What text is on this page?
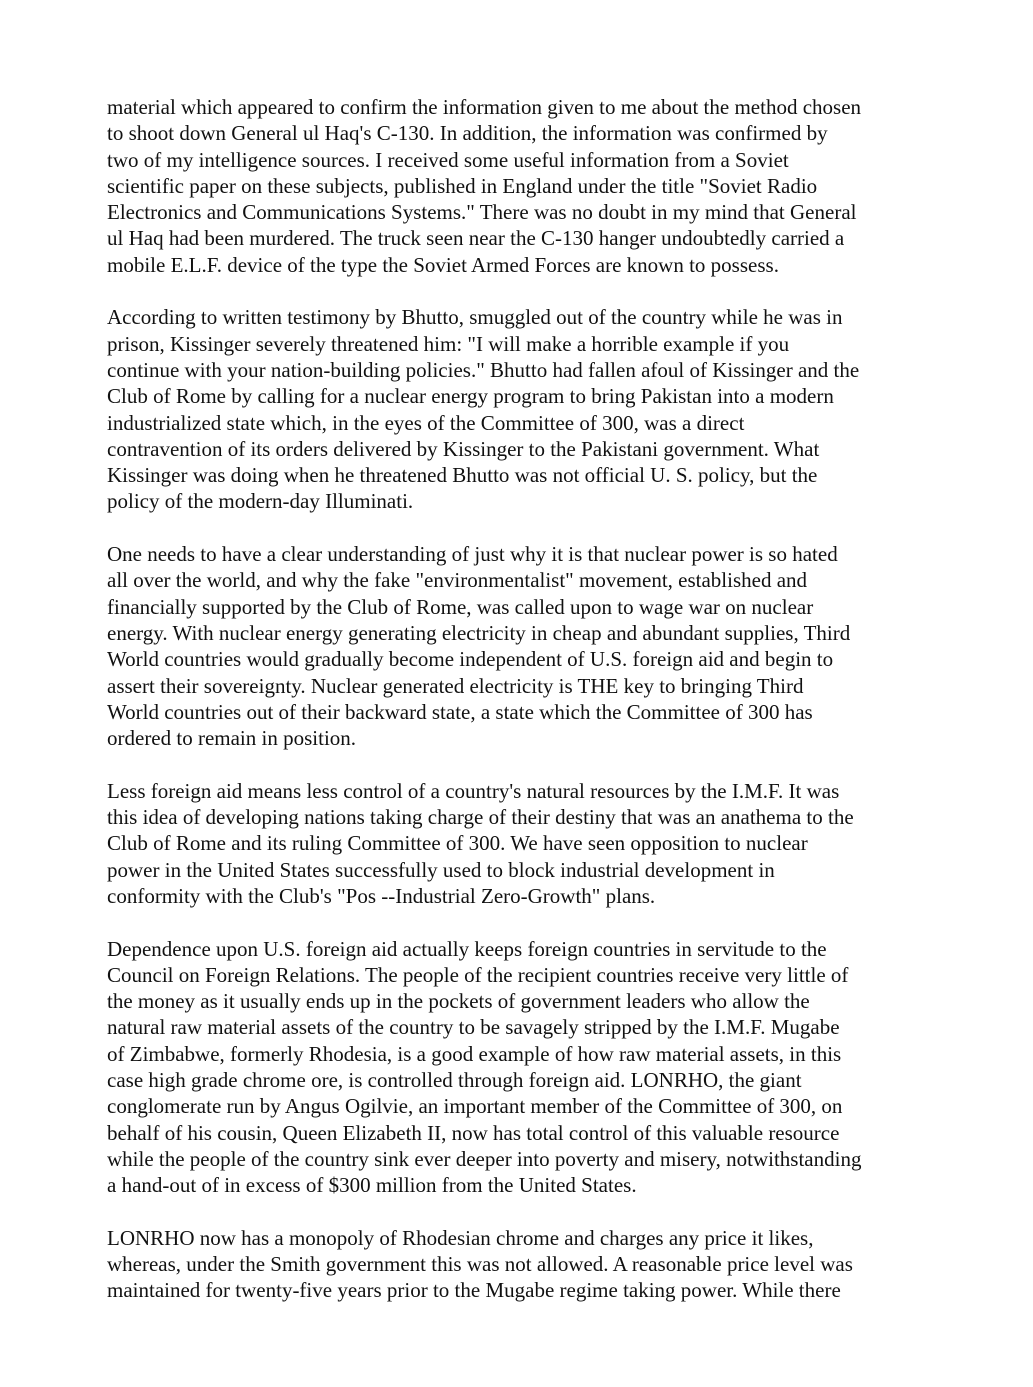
material which appeared to confirm the information given to me about the method chosen
to shoot down General ul Haq's C-130. In addition, the information was confirmed by
two of my intelligence sources. I received some useful information from a Soviet
scientific paper on these subjects, published in England under the title "Soviet Radio
Electronics and Communications Systems." There was no doubt in my mind that General
ul Haq had been murdered. The truck seen near the C-130 hanger undoubtedly carried a
mobile E.L.F. device of the type the Soviet Armed Forces are known to possess.
According to written testimony by Bhutto, smuggled out of the country while he was in
prison, Kissinger severely threatened him: "I will make a horrible example if you
continue with your nation-building policies." Bhutto had fallen afoul of Kissinger and the
Club of Rome by calling for a nuclear energy program to bring Pakistan into a modern
industrialized state which, in the eyes of the Committee of 300, was a direct
contravention of its orders delivered by Kissinger to the Pakistani government. What
Kissinger was doing when he threatened Bhutto was not official U. S. policy, but the
policy of the modern-day Illuminati.
One needs to have a clear understanding of just why it is that nuclear power is so hated
all over the world, and why the fake "environmentalist" movement, established and
financially supported by the Club of Rome, was called upon to wage war on nuclear
energy. With nuclear energy generating electricity in cheap and abundant supplies, Third
World countries would gradually become independent of U.S. foreign aid and begin to
assert their sovereignty. Nuclear generated electricity is THE key to bringing Third
World countries out of their backward state, a state which the Committee of 300 has
ordered to remain in position.
Less foreign aid means less control of a country's natural resources by the I.M.F. It was
this idea of developing nations taking charge of their destiny that was an anathema to the
Club of Rome and its ruling Committee of 300. We have seen opposition to nuclear
power in the United States successfully used to block industrial development in
conformity with the Club's "Pos --Industrial Zero-Growth" plans.
Dependence upon U.S. foreign aid actually keeps foreign countries in servitude to the
Council on Foreign Relations. The people of the recipient countries receive very little of
the money as it usually ends up in the pockets of government leaders who allow the
natural raw material assets of the country to be savagely stripped by the I.M.F. Mugabe
of Zimbabwe, formerly Rhodesia, is a good example of how raw material assets, in this
case high grade chrome ore, is controlled through foreign aid. LONRHO, the giant
conglomerate run by Angus Ogilvie, an important member of the Committee of 300, on
behalf of his cousin, Queen Elizabeth II, now has total control of this valuable resource
while the people of the country sink ever deeper into poverty and misery, notwithstanding
a hand-out of in excess of $300 million from the United States.
LONRHO now has a monopoly of Rhodesian chrome and charges any price it likes,
whereas, under the Smith government this was not allowed. A reasonable price level was
maintained for twenty-five years prior to the Mugabe regime taking power. While there
